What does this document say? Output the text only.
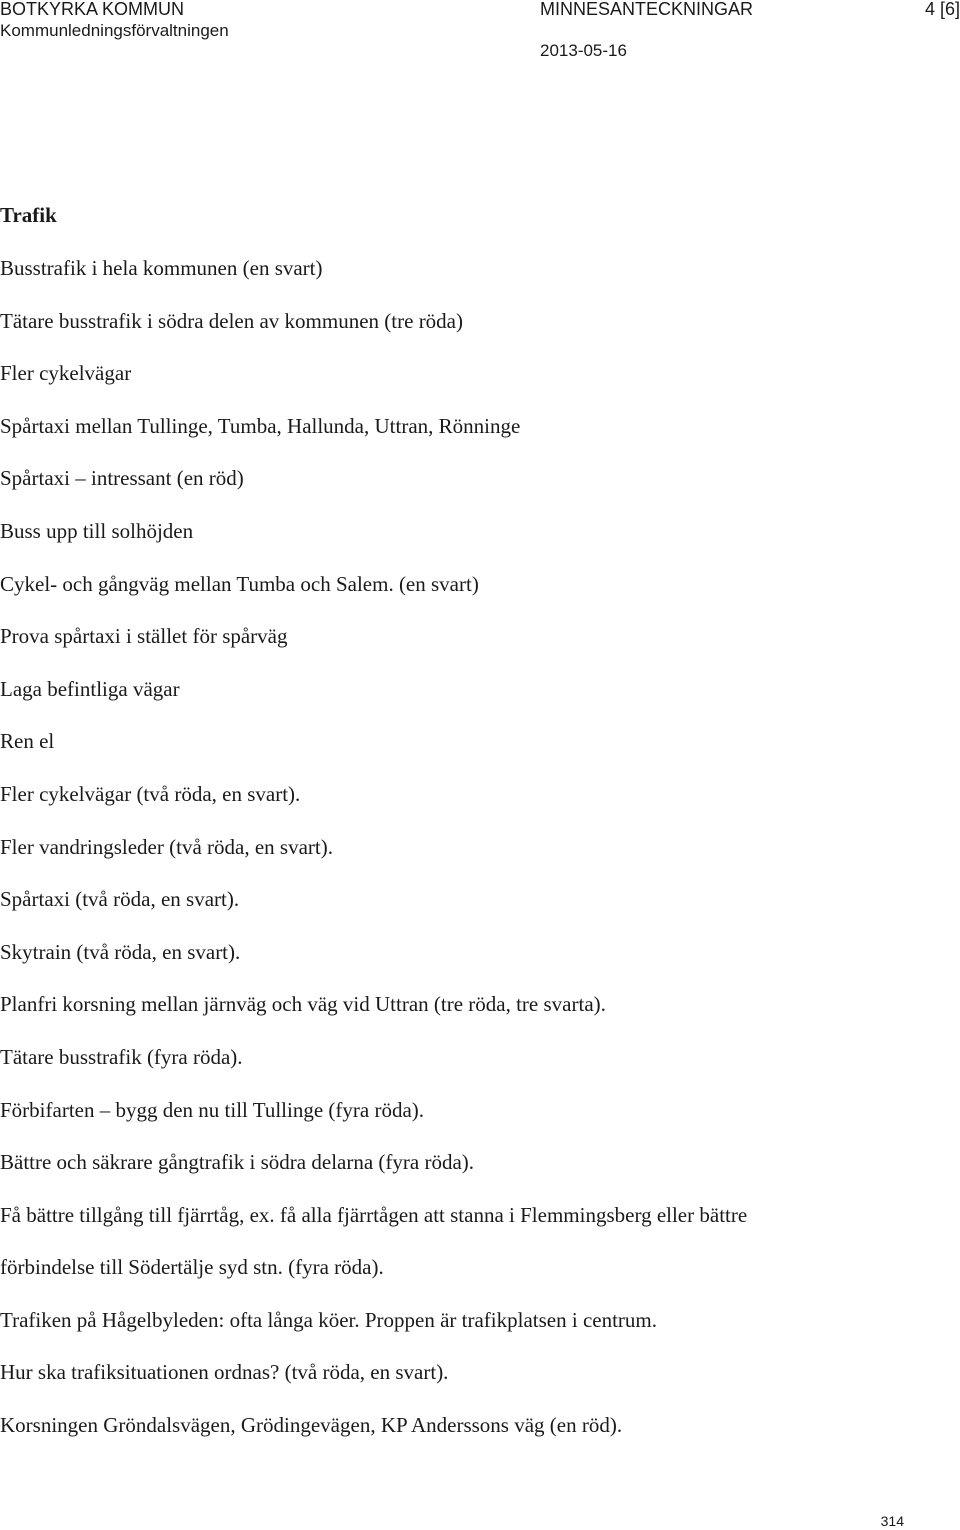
BOTKYRKA KOMMUN
Kommunledningsförvaltningen
MINNESANTECKNINGAR
2013-05-16
4 [6]
Trafik
Busstrafik i hela kommunen (en svart)
Tätare busstrafik i södra delen av kommunen (tre röda)
Fler cykelvägar
Spårtaxi mellan Tullinge, Tumba, Hallunda, Uttran, Rönninge
Spårtaxi – intressant (en röd)
Buss upp till solhöjden
Cykel- och gångväg mellan Tumba och Salem. (en svart)
Prova spårtaxi i stället för spårväg
Laga befintliga vägar
Ren el
Fler cykelvägar (två röda, en svart).
Fler vandringsleder (två röda, en svart).
Spårtaxi (två röda, en svart).
Skytrain (två röda, en svart).
Planfri korsning mellan järnväg och väg vid Uttran (tre röda, tre svarta).
Tätare busstrafik (fyra röda).
Förbifarten – bygg den nu till Tullinge (fyra röda).
Bättre och säkrare gångtrafik i södra delarna (fyra röda).
Få bättre tillgång till fjärrtåg, ex. få alla fjärrtågen att stanna i Flemmingsberg eller bättre
förbindelse till Södertälje syd stn. (fyra röda).
Trafiken på Hågelbyleden: ofta långa köer. Proppen är trafikplatsen i centrum.
Hur ska trafiksituationen ordnas? (två röda, en svart).
Korsningen Gröndalsvägen, Grödingevägen, KP Anderssons väg (en röd).
314
